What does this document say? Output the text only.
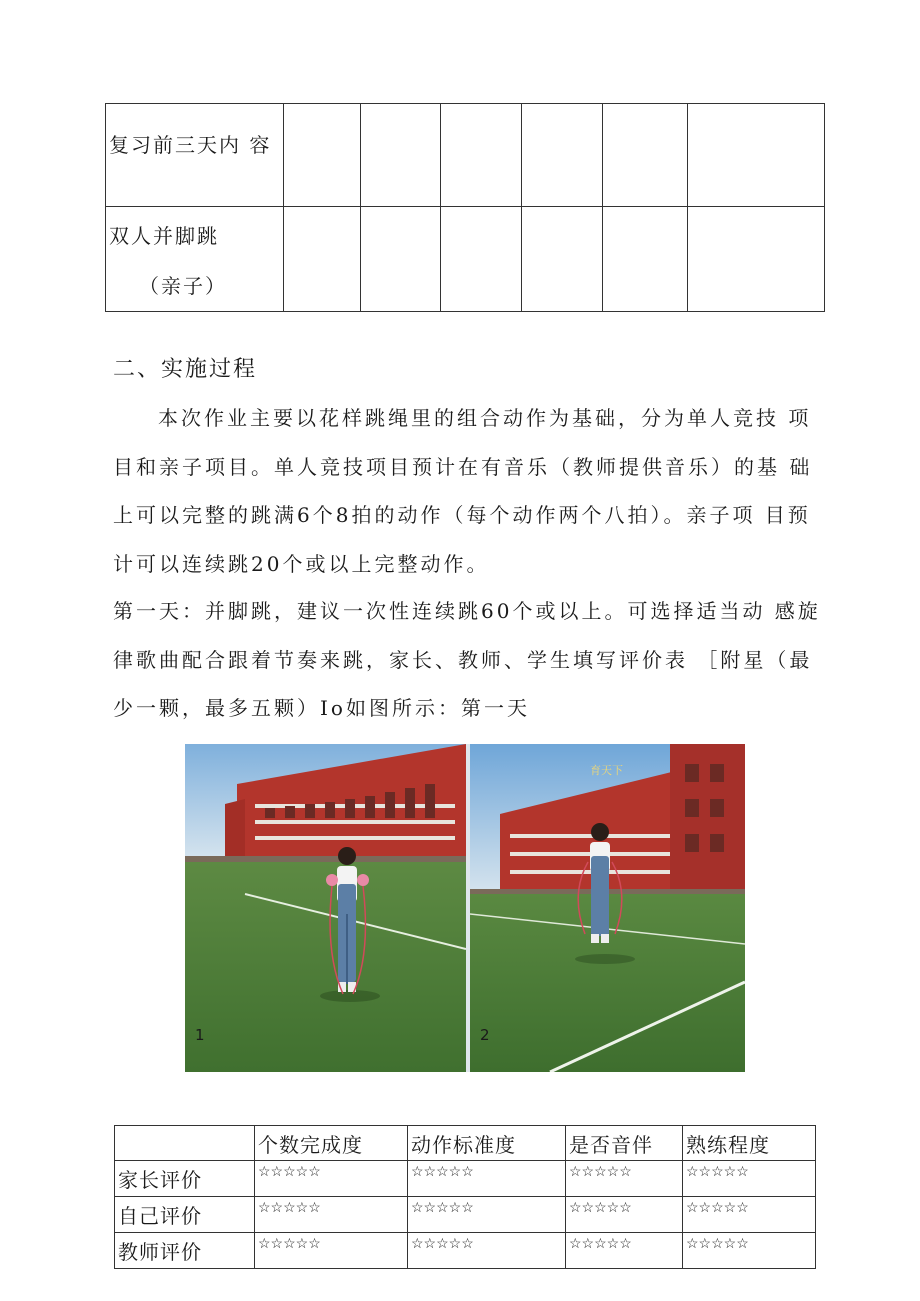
复习前三天内 容						

双人并脚跳
（亲子）						

二、实施过程

本次作业主要以花样跳绳里的组合动作为基础，分为单人竞技 项目和亲子项目。单人竞技项目预计在有音乐（教师提供音乐）的基 础上可以完整的跳满6个8拍的动作（每个动作两个八拍）。亲子项 目预计可以连续跳20个或以上完整动作。

第一天：并脚跳，建议一次性连续跳60个或以上。可选择适当动 感旋律歌曲配合跟着节奏来跳，家长、教师、学生填写评价表 ［附星（最少一颗，最多五颗）Io如图所示：第一天

1
育天下
2
	个数完成度	动作标准度	是否音伴	熟练程度
家长评价	☆☆☆☆☆	☆☆☆☆☆	☆☆☆☆☆	☆☆☆☆☆
自己评价	☆☆☆☆☆	☆☆☆☆☆	☆☆☆☆☆	☆☆☆☆☆
教师评价	☆☆☆☆☆	☆☆☆☆☆	☆☆☆☆☆	☆☆☆☆☆
